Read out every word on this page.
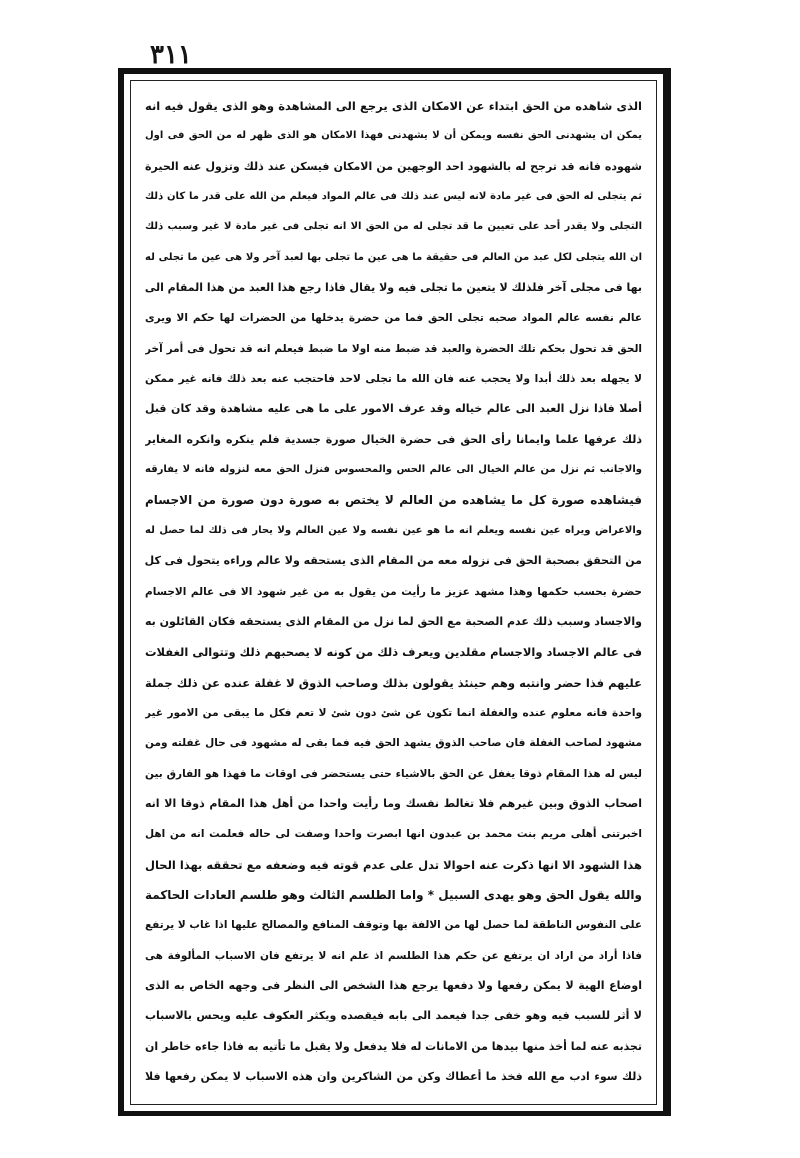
٣١١
الذى شاهده من الحق ابتداء عن الامكان الذى يرجع الى المشاهدة وهو الذى يقول فيه انه
يمكن ان يشهدنى الحق نفسه ويمكن أن لا يشهدنى فهذا الامكان هو الذى ظهر له من الحق فى اول
شهوده فانه قد ترجح له بالشهود احد الوجهين من الامكان فيسكن عند ذلك وتزول عنه الحيرة
ثم يتجلى له الحق فى غير مادة لانه ليس عند ذلك فى عالم المواد فيعلم من الله على قدر ما كان ذلك
التجلى ولا يقدر أحد على تعيين ما قد تجلى له من الحق الا انه تجلى فى غير مادة لا غير وسبب ذلك
ان الله يتجلى لكل عبد من العالم فى حقيقة ما هى عين ما تجلى بها لعبد آخر ولا هى عين ما تجلى له
بها فى مجلى آخر فلذلك لا يتعين ما تجلى فيه ولا يقال فاذا رجع هذا العبد من هذا المقام الى
عالم نفسه عالم المواد صحبه تجلى الحق فما من حضرة يدخلها من الحضرات لها حكم الا ويرى
الحق قد تحول بحكم تلك الحضرة والعبد قد ضبط منه اولا ما ضبط فيعلم انه قد تحول فى أمر آخر
لا يجهله بعد ذلك أبدا ولا يحجب عنه فان الله ما تجلى لاحد فاحتجب عنه بعد ذلك فانه غير ممكن
أصلا فاذا نزل العبد الى عالم خياله وقد عرف الامور على ما هى عليه مشاهدة وقد كان قبل
ذلك عرفها علما وايمانا رأى الحق فى حضرة الخيال صورة جسدية فلم ينكره وانكره المغاير
والاجانب ثم نزل من عالم الخيال الى عالم الحس والمحسوس فنزل الحق معه لنزوله فانه لا يفارقه
فيشاهده صورة كل ما يشاهده من العالم لا يختص به صورة دون صورة من الاجسام
والاعراض ويراه عين نفسه ويعلم انه ما هو عين نفسه ولا عين العالم ولا يحار فى ذلك لما حصل له
من التحقق بصحبة الحق فى نزوله معه من المقام الذى يستحقه ولا عالم وراءه يتحول فى كل
حضرة بحسب حكمها وهذا مشهد عزيز ما رأيت من يقول به من غير شهود الا فى عالم الاجسام
والاجساد وسبب ذلك عدم الصحبة مع الحق لما نزل من المقام الذى يستحقه فكان القائلون به
فى عالم الاجساد والاجسام مقلدين ويعرف ذلك من كونه لا يصحبهم ذلك وتتوالى الغفلات
عليهم فذا حضر وانتبه وهم حينئذ يقولون بذلك وصاحب الذوق لا غفلة عنده عن ذلك جملة
واحدة فانه معلوم عنده والغفلة انما تكون عن شئ دون شئ لا تعم فكل ما يبقى من الامور غير
مشهود لصاحب الغفلة فان صاحب الذوق يشهد الحق فيه فما بقى له مشهود فى حال غفلته ومن
ليس له هذا المقام ذوقا يغفل عن الحق بالاشياء حتى يستحضر فى اوقات ما فهذا هو الفارق بين
اصحاب الذوق وبين غيرهم فلا تغالط نفسك وما رأيت واحدا من أهل هذا المقام ذوقا الا انه
اخبرتنى أهلى مريم بنت محمد بن عبدون انها ابصرت واحدا وصفت لى حاله فعلمت انه من اهل
هذا الشهود الا انها ذكرت عنه احوالا تدل على عدم قوته فيه وضعفه مع تحققه بهذا الحال
والله يقول الحق وهو يهدى السبيل * واما الطلسم الثالث وهو طلسم العادات الحاكمة
على النفوس الناطقة لما حصل لها من الالفة بها وتوقف المنافع والمصالح عليها اذا غاب لا يرتفع
فاذا أراد من اراد ان يرتفع عن حكم هذا الطلسم اذ علم انه لا يرتفع فان الاسباب المألوفة هى
اوضاع الهية لا يمكن رفعها ولا دفعها يرجع هذا الشخص الى النظر فى وجهه الخاص به الذى
لا أثر للسبب فيه وهو خفى جدا فيعمد الى بابه فيقصده ويكثر العكوف عليه ويحس بالاسباب
تجذبه عنه لما أخذ منها بيدها من الامانات له فلا يدفعل ولا يقبل ما تأتيه به فاذا جاءه خاطر ان
ذلك سوء ادب مع الله فخذ ما أعطاك وكن من الشاكرين وان هذه الاسباب لا يمكن رفعها فلا
